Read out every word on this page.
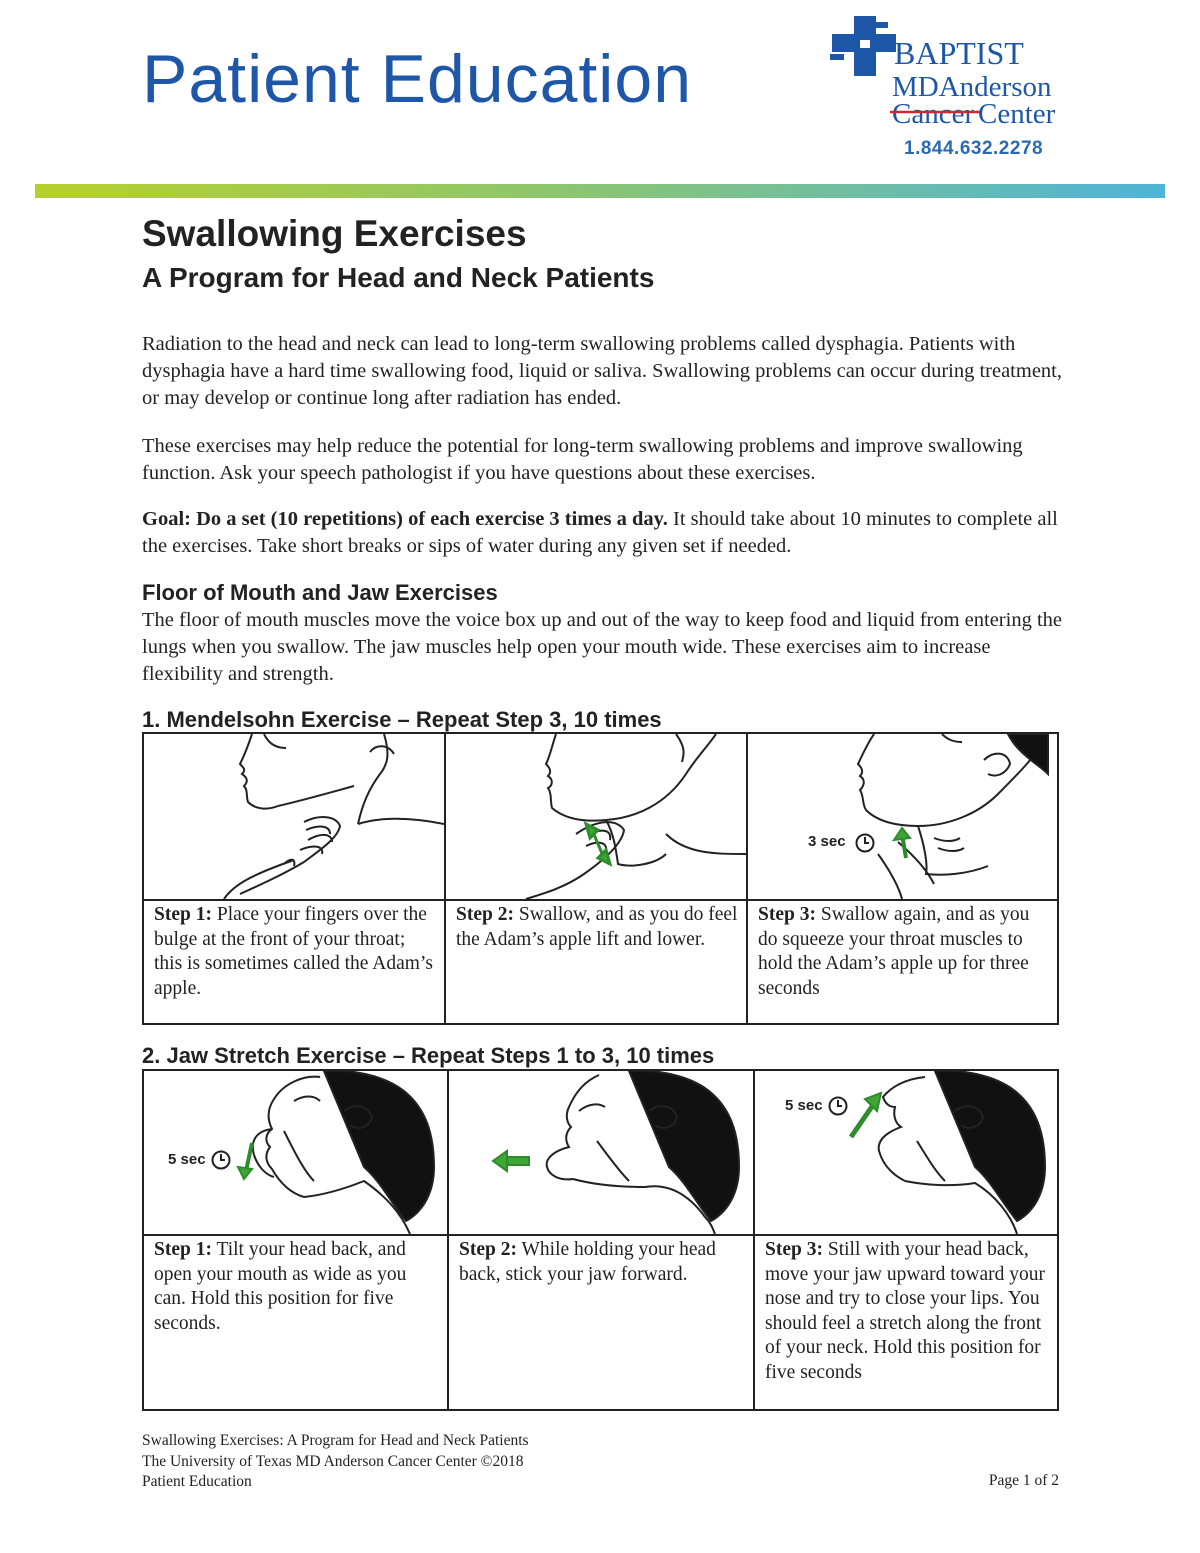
Patient Education	BAPTIST
MDAnderson
Cancer Center
1.844.632.2278
Swallowing Exercises
A Program for Head and Neck Patients
Radiation to the head and neck can lead to long-term swallowing problems called dysphagia. Patients with dysphagia have a hard time swallowing food, liquid or saliva. Swallowing problems can occur during treatment, or may develop or continue long after radiation has ended.
These exercises may help reduce the potential for long-term swallowing problems and improve swallowing function. Ask your speech pathologist if you have questions about these exercises.
Goal: Do a set (10 repetitions) of each exercise 3 times a day. It should take about 10 minutes to complete all the exercises. Take short breaks or sips of water during any given set if needed.
Floor of Mouth and Jaw Exercises
The floor of mouth muscles move the voice box up and out of the way to keep food and liquid from entering the lungs when you swallow. The jaw muscles help open your mouth wide. These exercises aim to increase flexibility and strength.
1. Mendelsohn Exercise – Repeat Step 3, 10 times
3 sec
Step 1: Place your fingers over the bulge at the front of your throat; this is sometimes called the Adam’s apple.
Step 2: Swallow, and as you do feel the Adam’s apple lift and lower.
Step 3: Swallow again, and as you do squeeze your throat muscles to hold the Adam’s apple up for three seconds
2. Jaw Stretch Exercise – Repeat Steps 1 to 3, 10 times
5 sec
5 sec
Step 1: Tilt your head back, and open your mouth as wide as you can. Hold this position for five seconds.
Step 2: While holding your head back, stick your jaw forward.
Step 3: Still with your head back, move your jaw upward toward your nose and try to close your lips. You should feel a stretch along the front of your neck. Hold this position for five seconds
Swallowing Exercises: A Program for Head and Neck Patients
The University of Texas MD Anderson Cancer Center ©2018
Patient Education	Page 1 of 2
